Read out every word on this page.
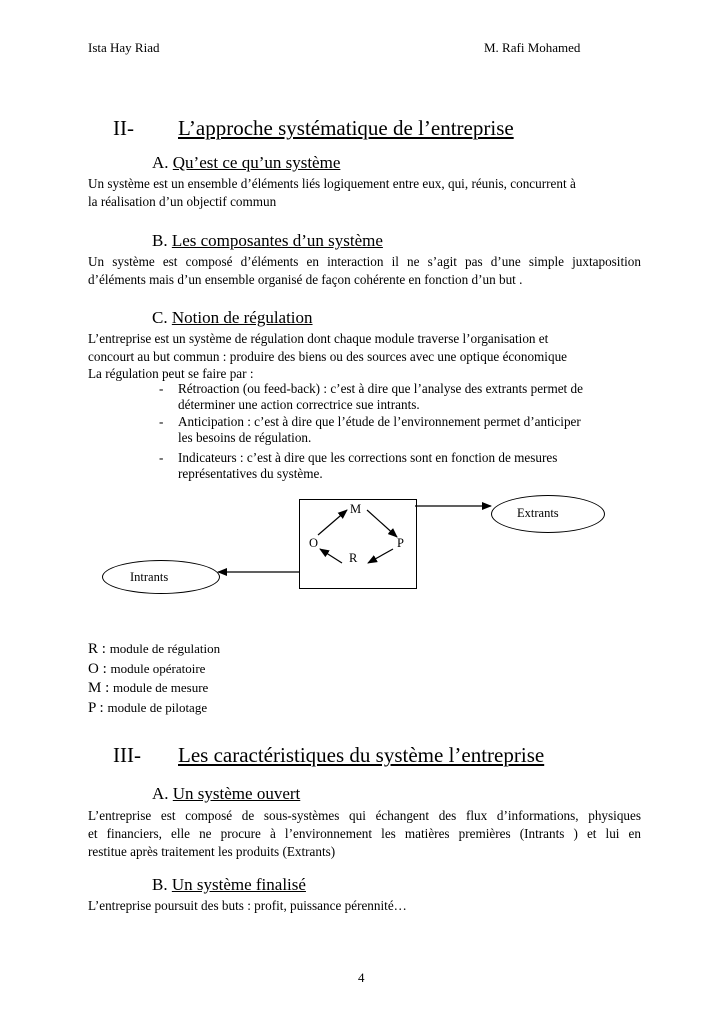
Ista Hay Riad	M. Rafi Mohamed
II- L’approche systématique de l’entreprise
A. Qu’est ce qu’un système
Un système est un ensemble d’éléments liés logiquement entre eux, qui, réunis, concurrent à
la réalisation d’un objectif commun
B. Les composantes d’un système
Un système est composé d’éléments en interaction il ne s’agit pas d’une simple juxtaposition
d’éléments mais d’un ensemble organisé de façon cohérente en fonction d’un but .
C. Notion de régulation
L’entreprise est un système de régulation dont chaque module traverse l’organisation et
concourt au but commun : produire des biens ou des sources avec une optique économique
La régulation peut se faire par :
- Rétroaction (ou feed-back) : c’est à dire que l’analyse des extrants permet de
déterminer une action correctrice sue intrants.
- Anticipation : c’est à dire que l’étude de l’environnement permet d’anticiper
les besoins de régulation.
- Indicateurs : c’est à dire que les corrections sont en fonction de mesures
représentatives du système.
M
O	P
R
Extrants
Intrants
R : module de régulation
O : module opératoire
M : module de mesure
P : module de pilotage
III- Les caractéristiques du système l’entreprise
A. Un système ouvert
L’entreprise est composé de sous-systèmes qui échangent des flux d’informations, physiques
et financiers, elle ne procure à l’environnement les matières premières (Intrants ) et lui en
restitue après traitement les produits (Extrants)
B. Un système finalisé
L’entreprise poursuit des buts : profit, puissance pérennité…
4
